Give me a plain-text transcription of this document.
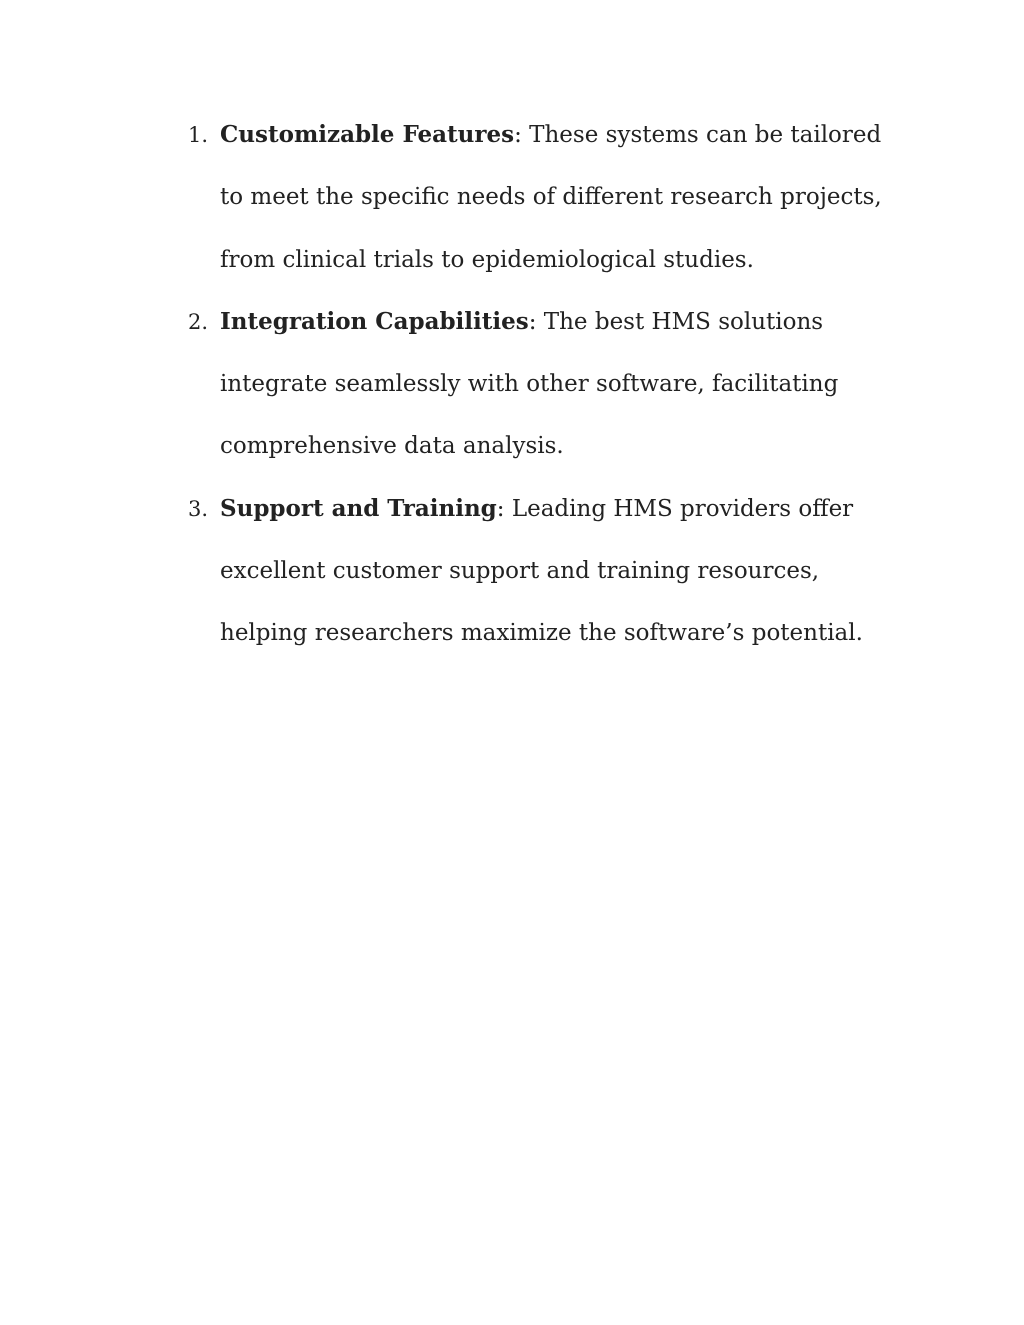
1. Customizable Features: These systems can be tailored to meet the specific needs of different research projects, from clinical trials to epidemiological studies.
2. Integration Capabilities: The best HMS solutions integrate seamlessly with other software, facilitating comprehensive data analysis.
3. Support and Training: Leading HMS providers offer excellent customer support and training resources, helping researchers maximize the software’s potential.
